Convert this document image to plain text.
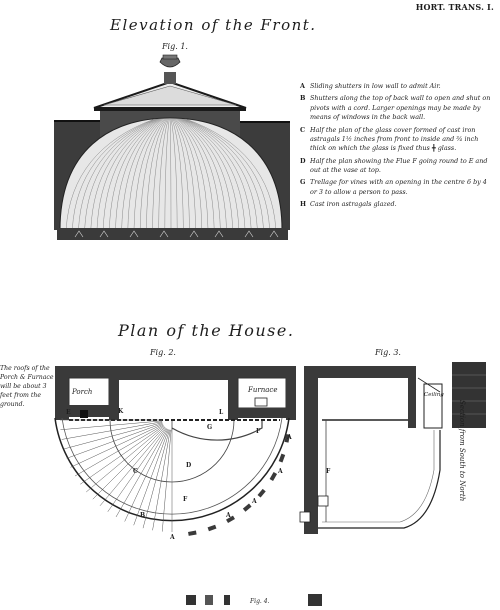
HORT. TRANS. I.
Elevation of the Front.
Fig. 1.
A Sliding shutters in low wall to admit Air.
B Shutters along the top of back wall to open and shut on pivots with a cord. Larger openings may be made by means of windows in the back wall.
C Half the plan of the glass cover formed of cast iron astragals 1½ inches from front to inside and ¾ inch thick on which the glass is fixed thus ╋ glass.
D Half the plan showing the Flue F going round to E and out at the vase at top.
G Trellage for vines with an opening in the centre 6 by 4 or 3 to allow a person to pass.
H Cast iron astragals glazed.
Plan of the House.
Fig. 2.	Fig. 3.
The roofs of the Porch & Furnace will be about 3 feet from the ground.
Porch	Furnace
A
A
A
A
A
B
C
D
E
F
F
G
K	L
Ceiling
F	Section from South to North
Fig. 4.
